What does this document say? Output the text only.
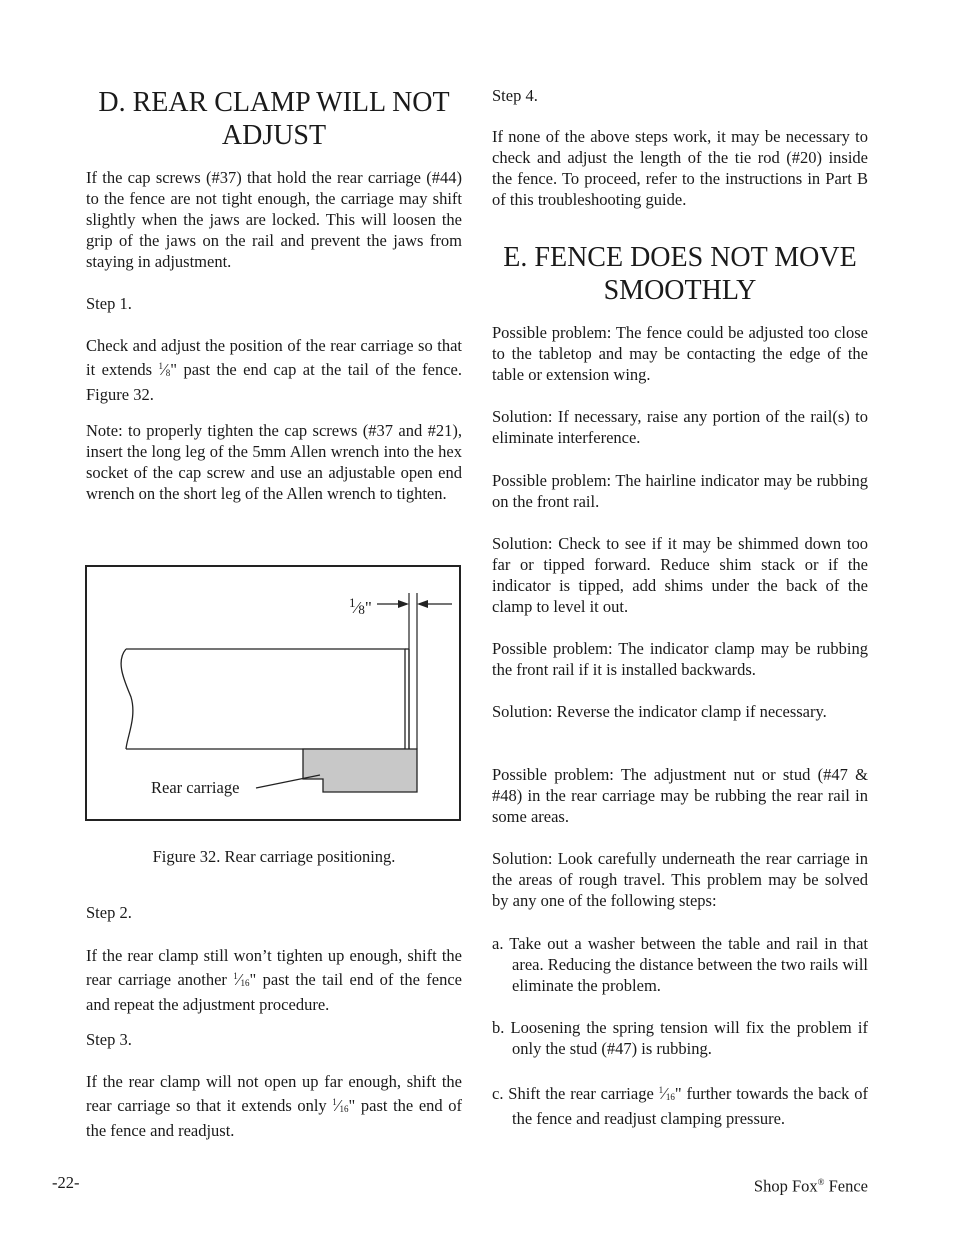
D. REAR CLAMP WILL NOT ADJUST

If the cap screws (#37) that hold the rear carriage (#44) to the fence are not tight enough, the carriage may shift slightly when the jaws are locked. This will loosen the grip of the jaws on the rail and prevent the jaws from staying in adjustment.

Step 1.

Check and adjust the position of the rear carriage so that it extends $^1⁄_8$" past the end cap at the tail of the fence. Figure 32.

Note: to properly tighten the cap screws (#37 and #21), insert the long leg of the 5mm Allen wrench into the hex socket of the cap screw and use an adjustable open end wrench on the short leg of the Allen wrench to tighten.

$^1⁄_8$"
Rear carriage
Figure 32. Rear carriage positioning.

Step 2.

If the rear clamp still won’t tighten up enough, shift the rear carriage another $^1⁄_{16}$" past the tail end of the fence and repeat the adjustment procedure.

Step 3.

If the rear clamp will not open up far enough, shift the rear carriage so that it extends only $^1⁄_{16}$" past the end of the fence and readjust.

Step 4.

If none of the above steps work, it may be necessary to check and adjust the length of the tie rod (#20) inside the fence. To proceed, refer to the instructions in Part B of this troubleshooting guide.

E. FENCE DOES NOT MOVE SMOOTHLY

Possible problem: The fence could be adjusted too close to the tabletop and may be contacting the edge of the table or extension wing.

Solution: If necessary, raise any portion of the rail(s) to eliminate interference.

Possible problem: The hairline indicator may be rubbing on the front rail.

Solution: Check to see if it may be shimmed down too far or tipped forward. Reduce shim stack or if the indicator is tipped, add shims under the back of the clamp to level it out.

Possible problem: The indicator clamp may be rubbing the front rail if it is installed backwards.

Solution: Reverse the indicator clamp if necessary.

Possible problem: The adjustment nut or stud (#47 & #48) in the rear carriage may be rubbing the rear rail in some areas.

Solution: Look carefully underneath the rear carriage in the areas of rough travel. This problem may be solved by any one of the following steps:

a. Take out a washer between the table and rail in that area. Reducing the distance between the two rails will eliminate the problem.

b. Loosening the spring tension will fix the problem if only the stud (#47) is rubbing.

c. Shift the rear carriage $^1⁄_{16}$" further towards the back of the fence and readjust clamping pressure.

-22-	Shop Fox® Fence
